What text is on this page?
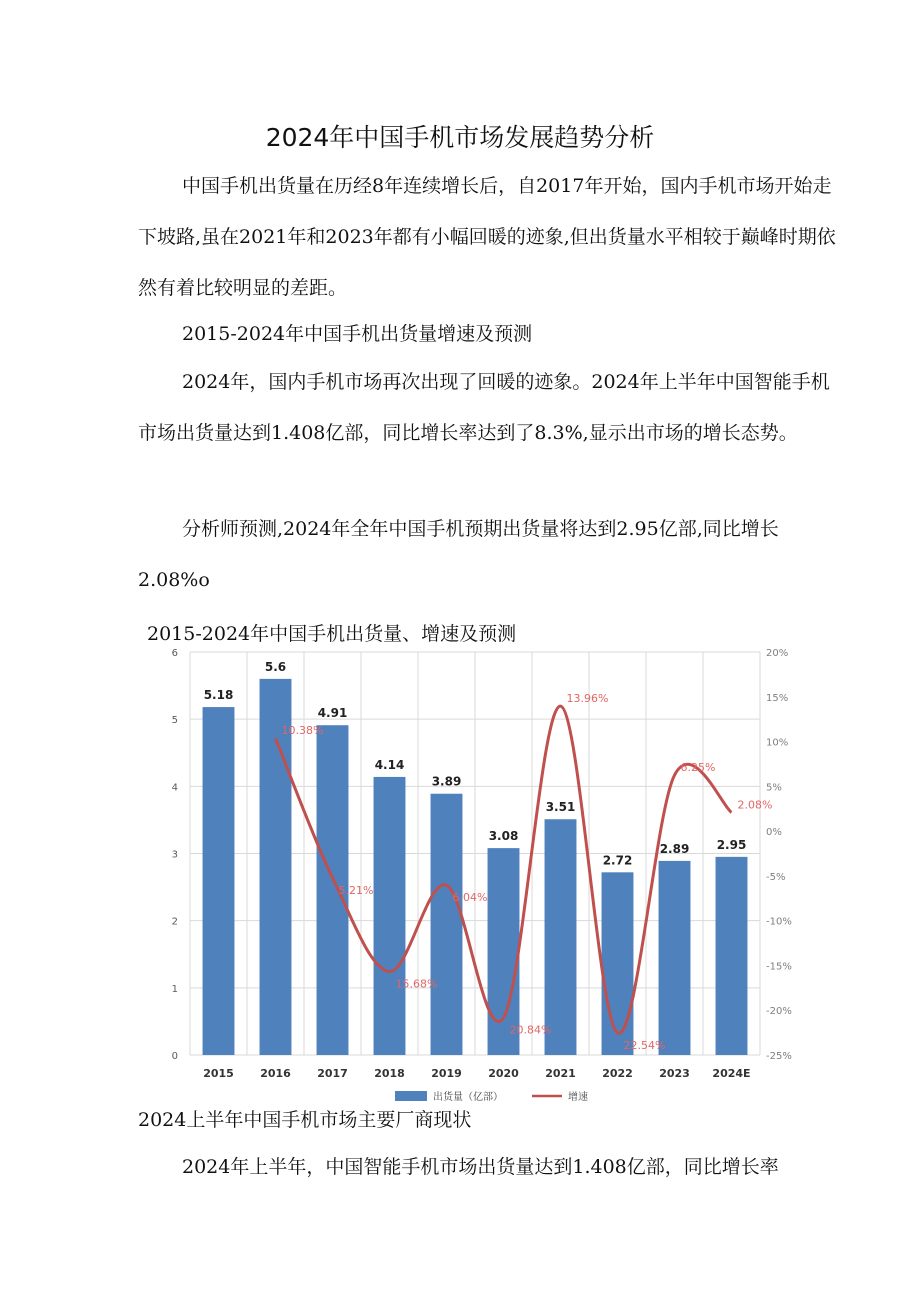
2024年中国手机市场发展趋势分析

中国手机出货量在历经8年连续增长后，自2017年开始，国内手机市场开始走下坡路,虽在2021年和2023年都有小幅回暖的迹象,但出货量水平相较于巅峰时期依然有着比较明显的差距。

2015-2024年中国手机出货量增速及预测

2024年，国内手机市场再次出现了回暖的迹象。2024年上半年中国智能手机市场出货量达到1.408亿部，同比增长率达到了8.3%,显示出市场的增长态势。

分析师预测,2024年全年中国手机预期出货量将达到2.95亿部,同比增长2.08%o

2015-2024年中国手机出货量、增速及预测
0
1
2
3
4
5
6
-25%
-20%
-15%
-10%
-5%
0%
5%
10%
15%
20%
5.18
2015
5.6
2016
4.91
2017
4.14
2018
3.89
2019
3.08
2020
3.51
2021
2.72
2022
2.89
2023
2.95
2024E
10.38%
5.21%
15.68%
6.04%
20.84%
13.96%
22.54%
6.25%
2.08%
出货量（亿部）	增速
2024上半年中国手机市场主要厂商现状
2024年上半年，中国智能手机市场出货量达到1.408亿部，同比增长率
